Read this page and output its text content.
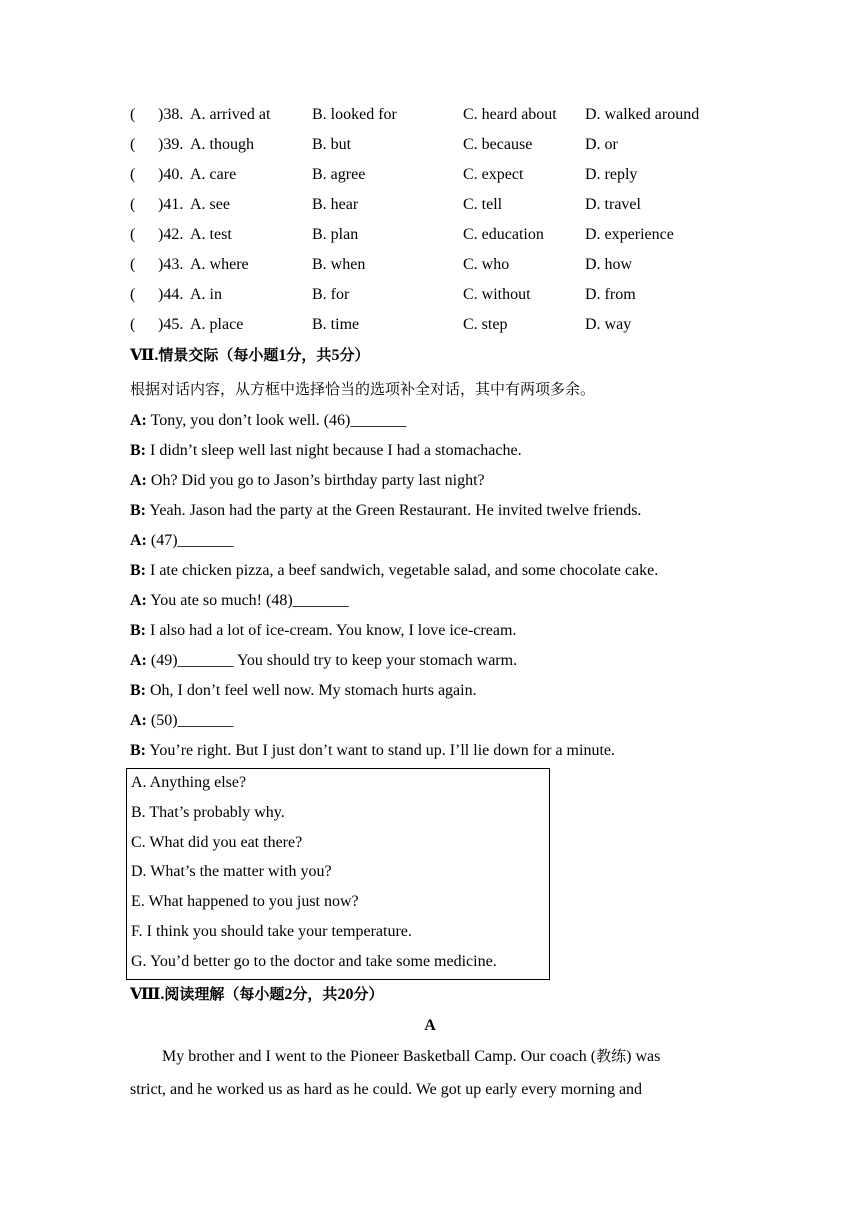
( )38. A. arrived at	B. looked for	C. heard about D. walked around
( )39. A. though	B. but	C. because	D. or
( )40. A. care	B. agree	C. expect	D. reply
( )41. A. see	B. hear	C. tell	D. travel
( )42. A. test	B. plan	C. education	D. experience
( )43. A. where	B. when	C. who	D. how
( )44. A. in	B. for	C. without	D. from
( )45. A. place	B. time	C. step	D. way
Ⅶ.情景交际（每小题1分，共5分）
根据对话内容，从方框中选择恰当的选项补全对话，其中有两项多余。
A: Tony, you don’t look well. (46)_______
B: I didn’t sleep well last night because I had a stomachache.
A: Oh? Did you go to Jason’s birthday party last night?
B: Yeah. Jason had the party at the Green Restaurant. He invited twelve friends.
A: (47)_______
B: I ate chicken pizza, a beef sandwich, vegetable salad, and some chocolate cake.
A: You ate so much! (48)_______
B: I also had a lot of ice-cream. You know, I love ice-cream.
A: (49)_______ You should try to keep your stomach warm.
B: Oh, I don’t feel well now. My stomach hurts again.
A: (50)_______
B: You’re right. But I just don’t want to stand up. I’ll lie down for a minute.
A. Anything else?
B. That’s probably why.
C. What did you eat there?
D. What’s the matter with you?
E. What happened to you just now?
F. I think you should take your temperature.
G. You’d better go to the doctor and take some medicine.
Ⅷ.阅读理解（每小题2分，共20分）
A
My brother and I went to the Pioneer Basketball Camp. Our coach (教练) was
strict, and he worked us as hard as he could. We got up early every morning and
